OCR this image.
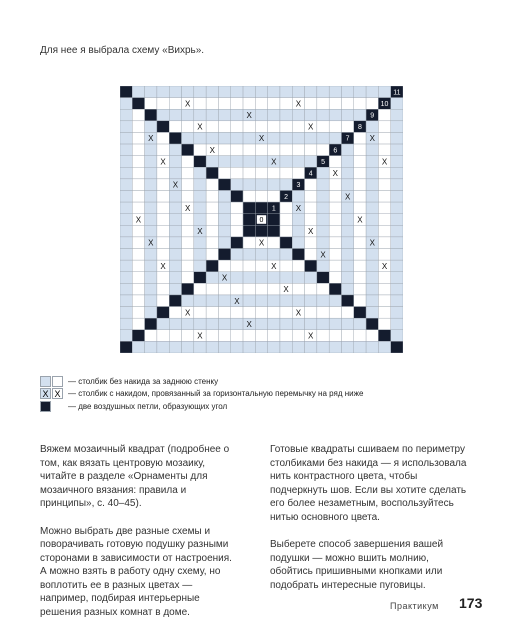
Для нее я выбрала схему «Вихрь».
X	X
X
X	X
X	X	X
X
X	X	X
X
X
X
X	X
X	X
X	X
X	X	X
X
X	X	X
X
X
X
X	X
X
X	X
0
1
2
3
4
5
6
7
8
9
10
11
— столбик без накида за заднюю стенку
X X — столбик с накидом, провязанный за горизонтальную перемычку на ряд ниже
— две воздушных петли, образующих угол

Вяжем мозаичный квадрат (подробнее о том, как вязать центровую мозаику, читайте в разделе «Орнаменты для мозаичного вязания: правила и принципы», с. 40–45).

Можно выбрать две разные схемы и поворачивать готовую подушку разными сторонами в зависимости от настроения. А можно взять в работу одну схему, но воплотить ее в разных цветах — например, подбирая интерьерные решения разных комнат в доме.

Готовые квадраты сшиваем по периметру столбиками без накида — я использовала нить контрастного цвета, чтобы подчеркнуть шов. Если вы хотите сделать его более незаметным, воспользуйтесь нитью основного цвета.

Выберете способ завершения вашей подушки — можно вшить молнию, обойтись пришивными кнопками или подобрать интересные пуговицы.

Практикум 173
